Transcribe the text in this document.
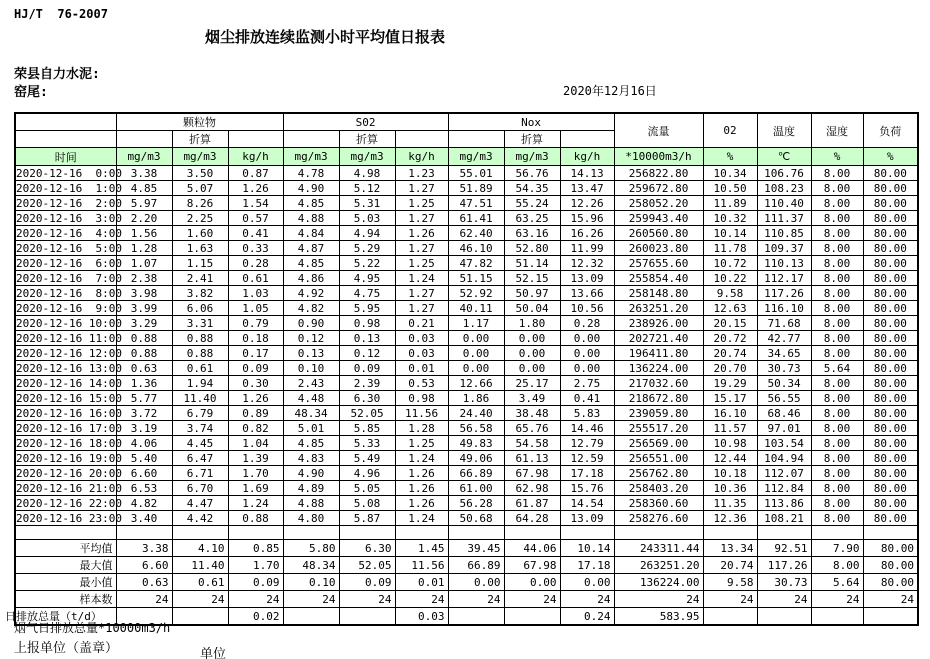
HJ/T  76-2007
烟尘排放连续监测小时平均值日报表
荣县自力水泥:
窑尾:	2020年12月16日
	颗粒物			S02			Nox			流量	02	温度	湿度	负荷
		折算			折算			折算						
时间	mg/m3	mg/m3	kg/h	mg/m3	mg/m3	kg/h	mg/m3	mg/m3	kg/h	*10000m3/h	%	℃	%	%
2020-12-16  0:00	3.38	3.50	0.87	4.78	4.98	1.23	55.01	56.76	14.13	256822.80	10.34	106.76	8.00	80.00
2020-12-16  1:00	4.85	5.07	1.26	4.90	5.12	1.27	51.89	54.35	13.47	259672.80	10.50	108.23	8.00	80.00
2020-12-16  2:00	5.97	8.26	1.54	4.85	5.31	1.25	47.51	55.24	12.26	258052.20	11.89	110.40	8.00	80.00
2020-12-16  3:00	2.20	2.25	0.57	4.88	5.03	1.27	61.41	63.25	15.96	259943.40	10.32	111.37	8.00	80.00
2020-12-16  4:00	1.56	1.60	0.41	4.84	4.94	1.26	62.40	63.16	16.26	260560.80	10.14	110.85	8.00	80.00
2020-12-16  5:00	1.28	1.63	0.33	4.87	5.29	1.27	46.10	52.80	11.99	260023.80	11.78	109.37	8.00	80.00
2020-12-16  6:00	1.07	1.15	0.28	4.85	5.22	1.25	47.82	51.14	12.32	257655.60	10.72	110.13	8.00	80.00
2020-12-16  7:00	2.38	2.41	0.61	4.86	4.95	1.24	51.15	52.15	13.09	255854.40	10.22	112.17	8.00	80.00
2020-12-16  8:00	3.98	3.82	1.03	4.92	4.75	1.27	52.92	50.97	13.66	258148.80	9.58	117.26	8.00	80.00
2020-12-16  9:00	3.99	6.06	1.05	4.82	5.95	1.27	40.11	50.04	10.56	263251.20	12.63	116.10	8.00	80.00
2020-12-16 10:00	3.29	3.31	0.79	0.90	0.98	0.21	1.17	1.80	0.28	238926.00	20.15	71.68	8.00	80.00
2020-12-16 11:00	0.88	0.88	0.18	0.12	0.13	0.03	0.00	0.00	0.00	202721.40	20.72	42.77	8.00	80.00
2020-12-16 12:00	0.88	0.88	0.17	0.13	0.12	0.03	0.00	0.00	0.00	196411.80	20.74	34.65	8.00	80.00
2020-12-16 13:00	0.63	0.61	0.09	0.10	0.09	0.01	0.00	0.00	0.00	136224.00	20.70	30.73	5.64	80.00
2020-12-16 14:00	1.36	1.94	0.30	2.43	2.39	0.53	12.66	25.17	2.75	217032.60	19.29	50.34	8.00	80.00
2020-12-16 15:00	5.77	11.40	1.26	4.48	6.30	0.98	1.86	3.49	0.41	218672.80	15.17	56.55	8.00	80.00
2020-12-16 16:00	3.72	6.79	0.89	48.34	52.05	11.56	24.40	38.48	5.83	239059.80	16.10	68.46	8.00	80.00
2020-12-16 17:00	3.19	3.74	0.82	5.01	5.85	1.28	56.58	65.76	14.46	255517.20	11.57	97.01	8.00	80.00
2020-12-16 18:00	4.06	4.45	1.04	4.85	5.33	1.25	49.83	54.58	12.79	256569.00	10.98	103.54	8.00	80.00
2020-12-16 19:00	5.40	6.47	1.39	4.83	5.49	1.24	49.06	61.13	12.59	256551.00	12.44	104.94	8.00	80.00
2020-12-16 20:00	6.60	6.71	1.70	4.90	4.96	1.26	66.89	67.98	17.18	256762.80	10.18	112.07	8.00	80.00
2020-12-16 21:00	6.53	6.70	1.69	4.89	5.05	1.26	61.00	62.98	15.76	258403.20	10.36	112.84	8.00	80.00
2020-12-16 22:00	4.82	4.47	1.24	4.88	5.08	1.26	56.28	61.87	14.54	258360.60	11.35	113.86	8.00	80.00
2020-12-16 23:00	3.40	4.42	0.88	4.80	5.87	1.24	50.68	64.28	13.09	258276.60	12.36	108.21	8.00	80.00

平均值	3.38	4.10	0.85	5.80	6.30	1.45	39.45	44.06	10.14	243311.44	13.34	92.51	7.90	80.00
最大值	6.60	11.40	1.70	48.34	52.05	11.56	66.89	67.98	17.18	263251.20	20.74	117.26	8.00	80.00
最小值	0.63	0.61	0.09	0.10	0.09	0.01	0.00	0.00	0.00	136224.00	9.58	30.73	5.64	80.00
样本数	24	24	24	24	24	24	24	24	24	24	24	24	24	24
日排放总量（t/d）			0.02			0.03			0.24	583.95				
烟气日排放总量*10000m3/h
上报单位（盖章）	单位
